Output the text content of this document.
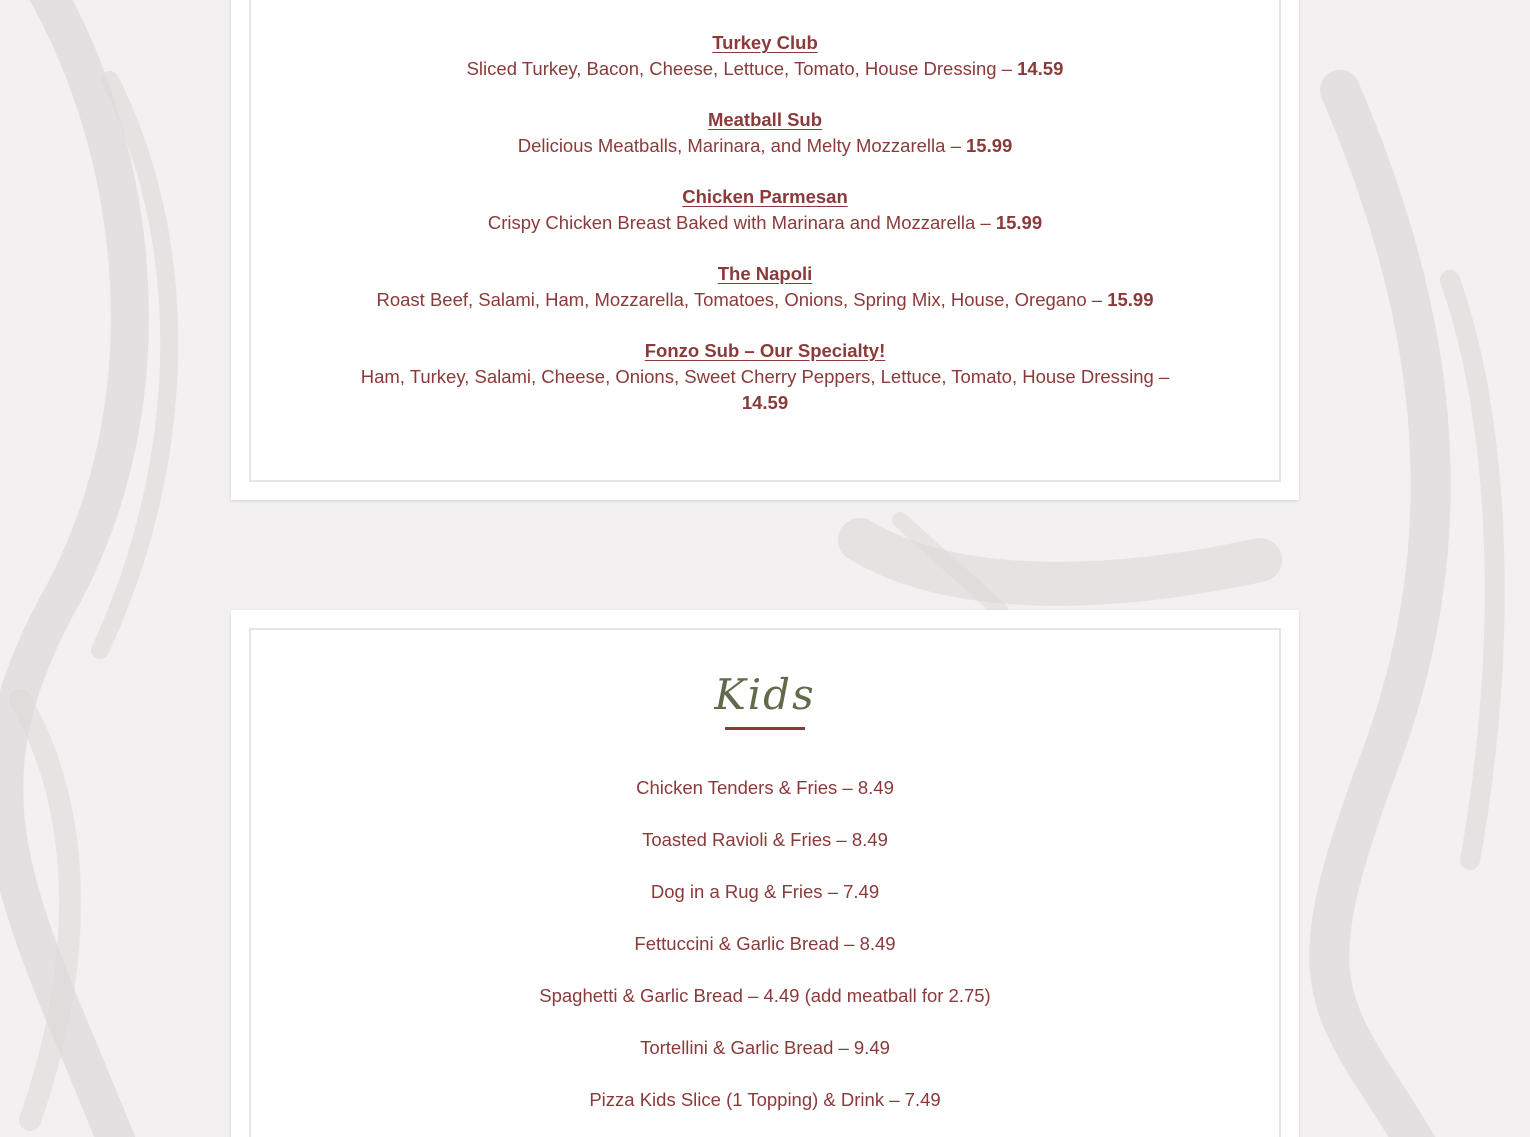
Turkey Club
Sliced Turkey, Bacon, Cheese, Lettuce, Tomato, House Dressing – 14.59
Meatball Sub
Delicious Meatballs, Marinara, and Melty Mozzarella – 15.99
Chicken Parmesan
Crispy Chicken Breast Baked with Marinara and Mozzarella – 15.99
The Napoli
Roast Beef, Salami, Ham, Mozzarella, Tomatoes, Onions, Spring Mix, House, Oregano – 15.99
Fonzo Sub – Our Specialty!
Ham, Turkey, Salami, Cheese, Onions, Sweet Cherry Peppers, Lettuce, Tomato, House Dressing – 14.59
Kids
Chicken Tenders & Fries – 8.49
Toasted Ravioli & Fries – 8.49
Dog in a Rug & Fries – 7.49
Fettuccini & Garlic Bread – 8.49
Spaghetti & Garlic Bread – 4.49 (add meatball for 2.75)
Tortellini & Garlic Bread – 9.49
Pizza Kids Slice (1 Topping) & Drink – 7.49
